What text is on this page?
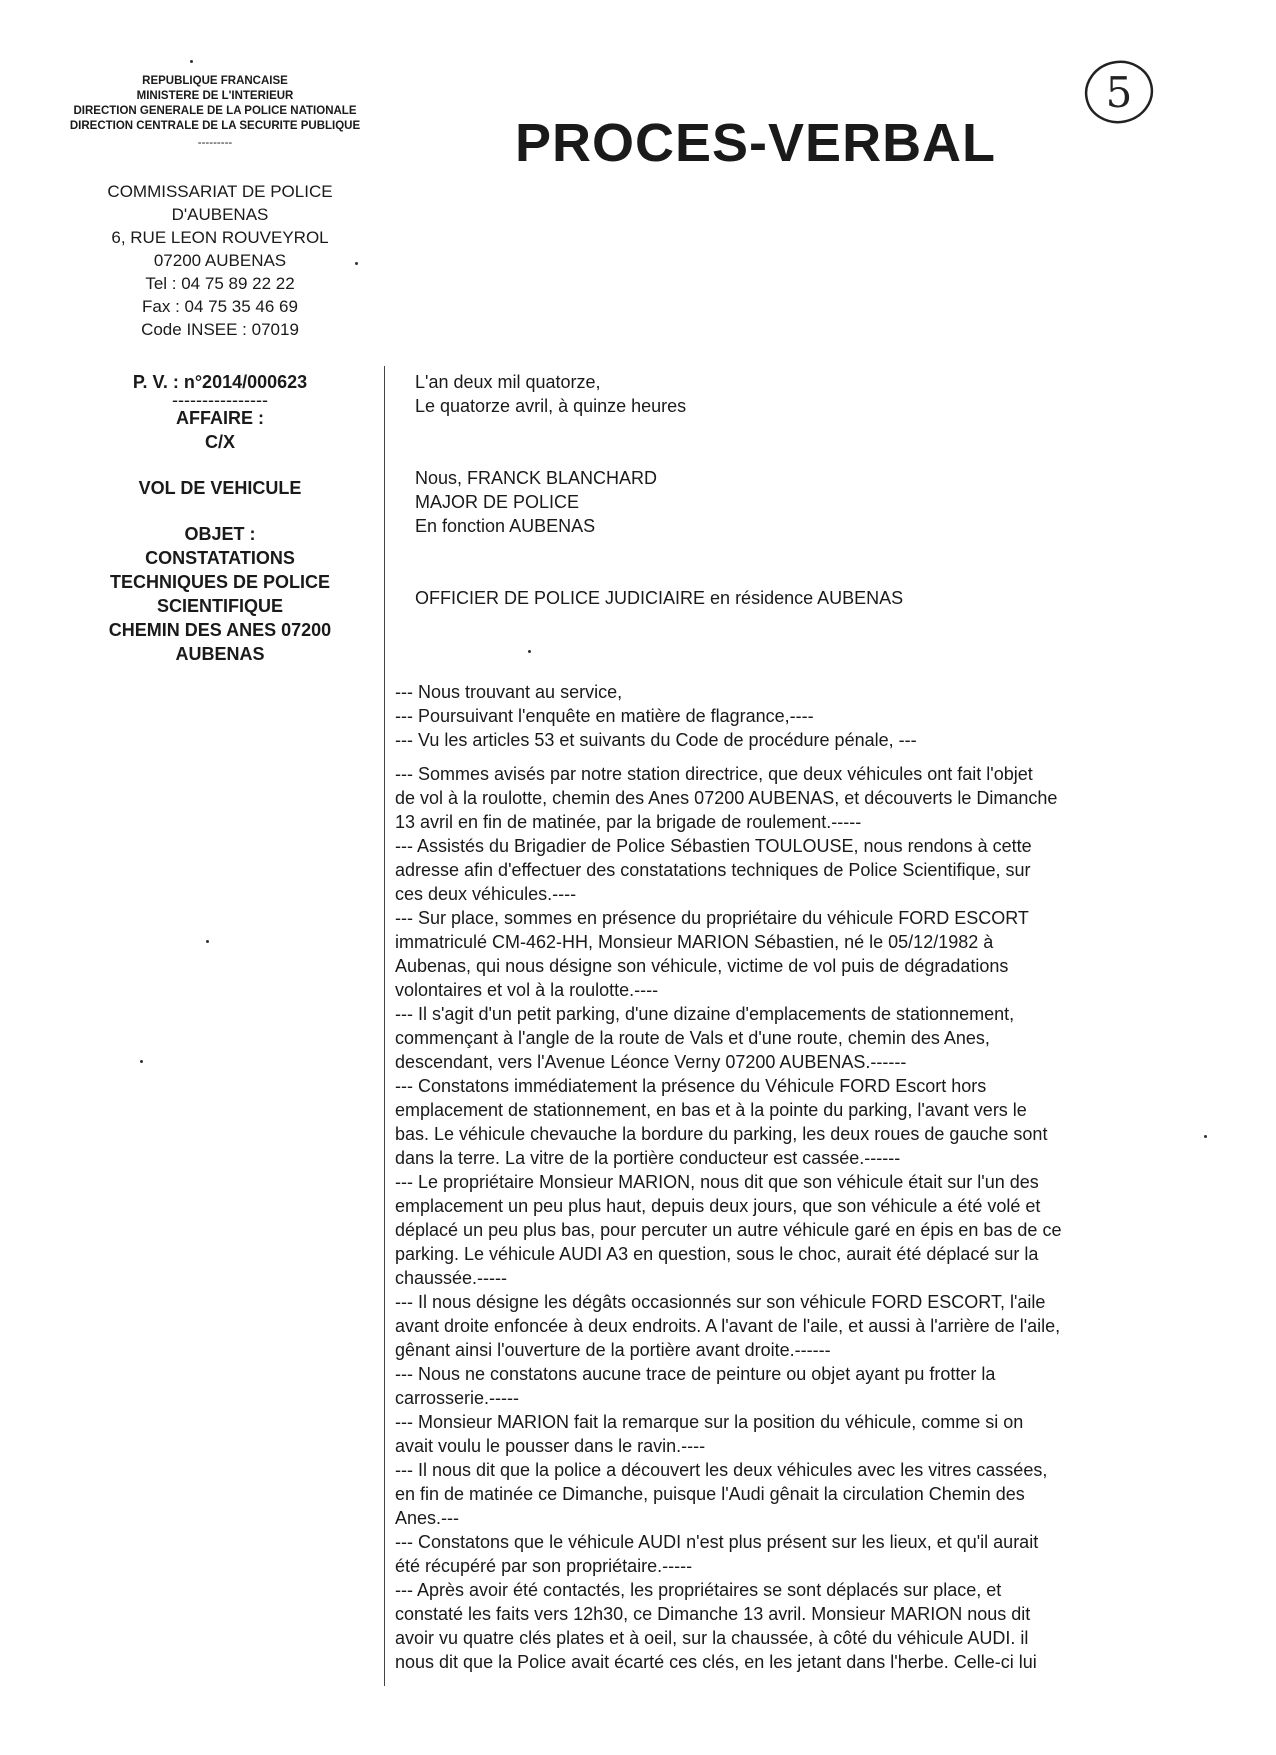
REPUBLIQUE FRANCAISE
MINISTERE DE L'INTERIEUR
DIRECTION GENERALE DE LA POLICE NATIONALE
DIRECTION CENTRALE DE LA SECURITE PUBLIQUE
---------	PROCES-VERBAL
5
COMMISSARIAT DE POLICE
D'AUBENAS
6, RUE LEON ROUVEYROL
07200 AUBENAS
Tel : 04 75 89 22 22
Fax : 04 75 35 46 69
Code INSEE : 07019
P. V. : n°2014/000623
----------------
AFFAIRE :
C/X
VOL DE VEHICULE
OBJET :
CONSTATATIONS
TECHNIQUES DE POLICE
SCIENTIFIQUE
CHEMIN DES ANES 07200
AUBENAS

L'an deux mil quatorze,

Le quatorze avril, à quinze heures

Nous, FRANCK BLANCHARD

MAJOR DE POLICE

En fonction AUBENAS

OFFICIER DE POLICE JUDICIAIRE en résidence AUBENAS

--- Nous trouvant au service,

--- Poursuivant l'enquête en matière de flagrance,----

--- Vu les articles 53 et suivants du Code de procédure pénale, ---

--- Sommes avisés par notre station directrice, que deux véhicules ont fait l'objet

de vol à la roulotte, chemin des Anes 07200 AUBENAS, et découverts le Dimanche

13 avril en fin de matinée, par la brigade de roulement.-----

--- Assistés du Brigadier de Police Sébastien TOULOUSE, nous rendons à cette

adresse afin d'effectuer des constatations techniques de Police Scientifique, sur

ces deux véhicules.----

--- Sur place, sommes en présence du propriétaire du véhicule FORD ESCORT

immatriculé CM-462-HH, Monsieur MARION Sébastien, né le 05/12/1982 à

Aubenas, qui nous désigne son véhicule, victime de vol puis de dégradations

volontaires et vol à la roulotte.----

--- Il s'agit d'un petit parking, d'une dizaine d'emplacements de stationnement,

commençant à l'angle de la route de Vals et d'une route, chemin des Anes,

descendant, vers l'Avenue Léonce Verny 07200 AUBENAS.------

--- Constatons immédiatement la présence du Véhicule FORD Escort hors

emplacement de stationnement, en bas et à la pointe du parking, l'avant vers le

bas. Le véhicule chevauche la bordure du parking, les deux roues de gauche sont

dans la terre. La vitre de la portière conducteur est cassée.------

--- Le propriétaire Monsieur MARION, nous dit que son véhicule était sur l'un des

emplacement un peu plus haut, depuis deux jours, que son véhicule a été volé et

déplacé un peu plus bas, pour percuter un autre véhicule garé en épis en bas de ce

parking. Le véhicule AUDI A3 en question, sous le choc, aurait été déplacé sur la

chaussée.-----

--- Il nous désigne les dégâts occasionnés sur son véhicule FORD ESCORT, l'aile

avant droite enfoncée à deux endroits. A l'avant de l'aile, et aussi à l'arrière de l'aile,

gênant ainsi l'ouverture de la portière avant droite.------

--- Nous ne constatons aucune trace de peinture ou objet ayant pu frotter la

carrosserie.-----

--- Monsieur MARION fait la remarque sur la position du véhicule, comme si on

avait voulu le pousser dans le ravin.----

--- Il nous dit que la police a découvert les deux véhicules avec les vitres cassées,

en fin de matinée ce Dimanche, puisque l'Audi gênait la circulation Chemin des

Anes.---

--- Constatons que le véhicule AUDI n'est plus présent sur les lieux, et qu'il aurait

été récupéré par son propriétaire.-----

--- Après avoir été contactés, les propriétaires se sont déplacés sur place, et

constaté les faits vers 12h30, ce Dimanche 13 avril. Monsieur MARION nous dit

avoir vu quatre clés plates et à oeil, sur la chaussée, à côté du véhicule AUDI. il

nous dit que la Police avait écarté ces clés, en les jetant dans l'herbe. Celle-ci lui
